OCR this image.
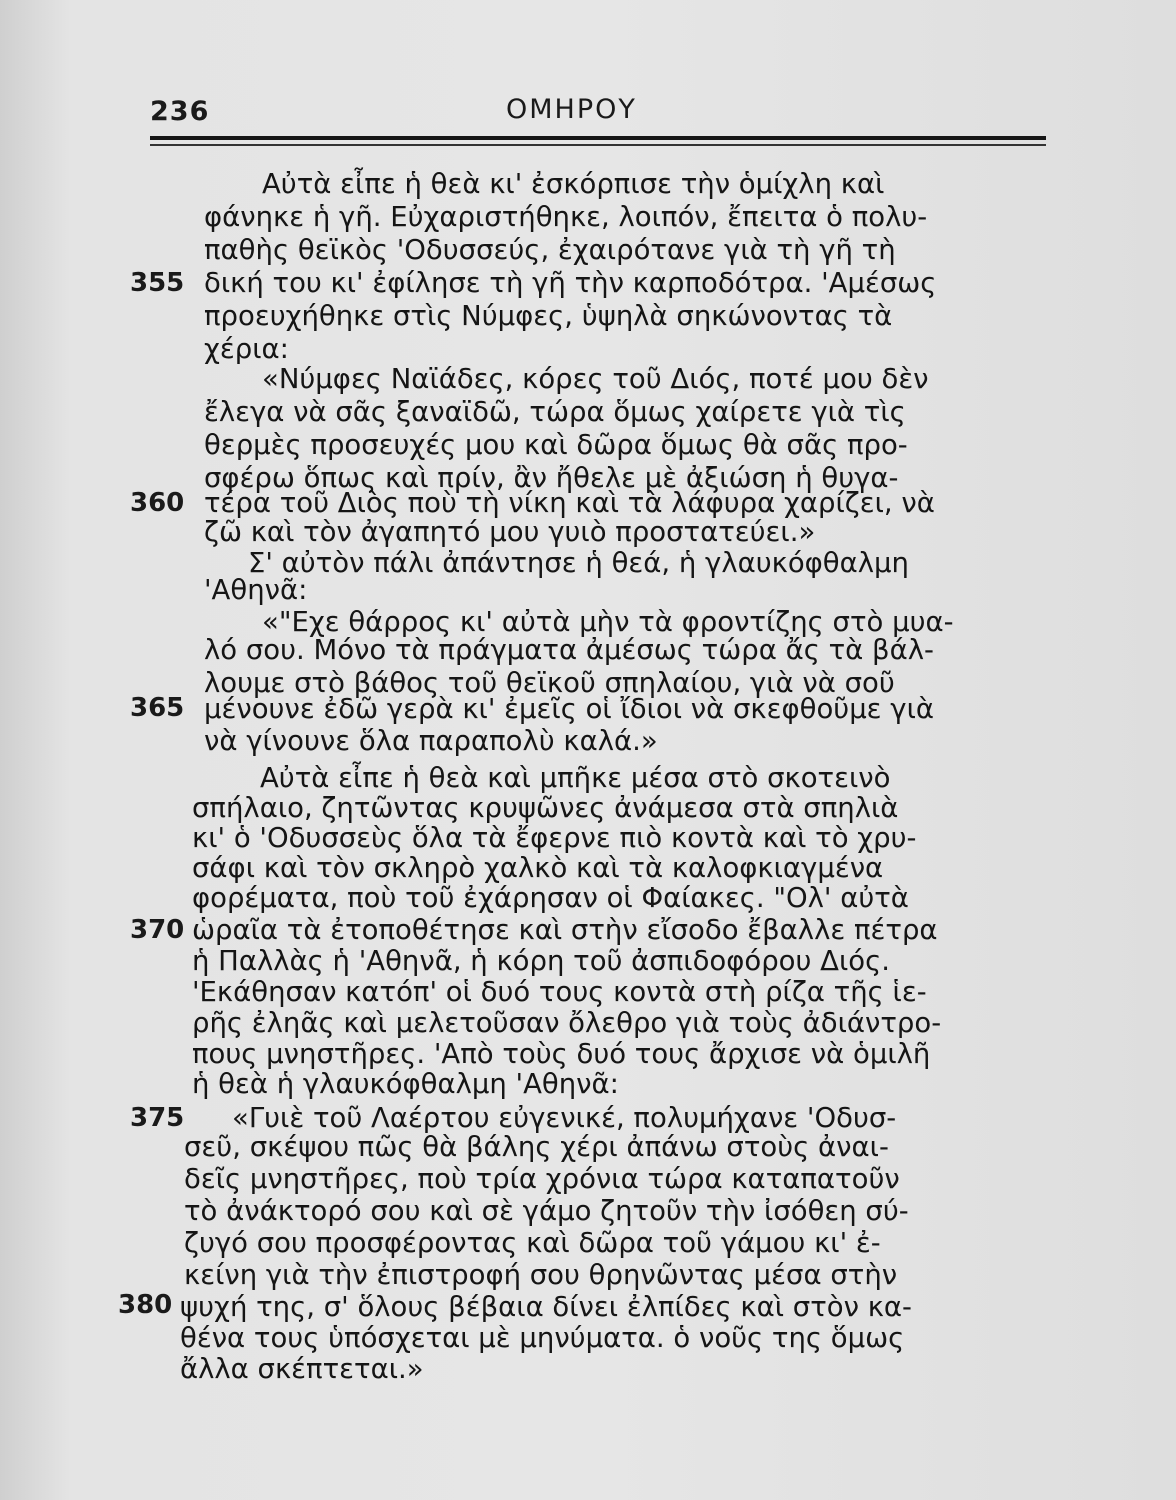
236	ΟΜΗΡΟΥ
Αὐτὰ εἶπε ἡ θεὰ κι' ἐσκόρπισε τὴν ὁμίχλη καὶ
φάνηκε ἡ γῆ. Εὐχαριστήθηκε, λοιπόν, ἔπειτα ὁ πολυ-
παθὴς θεϊκὸς 'Οδυσσεύς, ἐχαιρότανε γιὰ τὴ γῆ τὴ
355 δική του κι' ἐφίλησε τὴ γῆ τὴν καρποδότρα. 'Αμέσως
προευχήθηκε στὶς Νύμφες, ὑψηλὰ σηκώνοντας τὰ
χέρια:
«Νύμφες Ναϊάδες, κόρες τοῦ Διός, ποτέ μου δὲν
ἔλεγα νὰ σᾶς ξαναϊδῶ, τώρα ὅμως χαίρετε γιὰ τὶς
θερμὲς προσευχές μου καὶ δῶρα ὅμως θὰ σᾶς προ-
σφέρω ὅπως καὶ πρίν, ἂν ἤθελε μὲ ἀξιώση ἡ θυγα-
360 τέρα τοῦ Διὸς ποὺ τὴ νίκη καὶ τὰ λάφυρα χαρίζει, νὰ
ζῶ καὶ τὸν ἀγαπητό μου γυιὸ προστατεύει.»
Σ' αὐτὸν πάλι ἀπάντησε ἡ θεά, ἡ γλαυκόφθαλμη
'Αθηνᾶ:
«"Εχε θάρρος κι' αὐτὰ μὴν τὰ φροντίζης στὸ μυα-
λό σου. Μόνο τὰ πράγματα ἀμέσως τώρα ἄς τὰ βάλ-
λουμε στὸ βάθος τοῦ θεϊκοῦ σπηλαίου, γιὰ νὰ σοῦ
365 μένουνε ἐδῶ γερὰ κι' ἐμεῖς οἱ ἴδιοι νὰ σκεφθοῦμε γιὰ
νὰ γίνουνε ὅλα παραπολὺ καλά.»
Αὐτὰ εἶπε ἡ θεὰ καὶ μπῆκε μέσα στὸ σκοτεινὸ
σπήλαιο, ζητῶντας κρυψῶνες ἀνάμεσα στὰ σπηλιὰ
κι' ὁ 'Οδυσσεὺς ὅλα τὰ ἔφερνε πιὸ κοντὰ καὶ τὸ χρυ-
σάφι καὶ τὸν σκληρὸ χαλκὸ καὶ τὰ καλοφκιαγμένα
φορέματα, ποὺ τοῦ ἐχάρησαν οἱ Φαίακες. "Ολ' αὐτὰ
370 ὡραῖα τὰ ἐτοποθέτησε καὶ στὴν εἴσοδο ἔβαλλε πέτρα
ἡ Παλλὰς ἡ 'Αθηνᾶ, ἡ κόρη τοῦ ἀσπιδοφόρου Διός.
'Εκάθησαν κατόπ' οἱ δυό τους κοντὰ στὴ ρίζα τῆς ἱε-
ρῆς ἐληᾶς καὶ μελετοῦσαν ὄλεθρο γιὰ τοὺς ἀδιάντρο-
πους μνηστῆρες. 'Απὸ τοὺς δυό τους ἄρχισε νὰ ὁμιλῆ
ἡ θεὰ ἡ γλαυκόφθαλμη 'Αθηνᾶ:
375 «Γυιὲ τοῦ Λαέρτου εὐγενικέ, πολυμήχανε 'Οδυσ-
σεῦ, σκέψου πῶς θὰ βάλης χέρι ἀπάνω στοὺς ἀναι-
δεῖς μνηστῆρες, ποὺ τρία χρόνια τώρα καταπατοῦν
τὸ ἀνάκτορό σου καὶ σὲ γάμο ζητοῦν τὴν ἰσόθεη σύ-
ζυγό σου προσφέροντας καὶ δῶρα τοῦ γάμου κι' ἐ-
κείνη γιὰ τὴν ἐπιστροφή σου θρηνῶντας μέσα στὴν
380 ψυχή της, σ' ὅλους βέβαια δίνει ἐλπίδες καὶ στὸν κα-
θένα τους ὑπόσχεται μὲ μηνύματα. ὁ νοῦς της ὅμως
ἄλλα σκέπτεται.»
